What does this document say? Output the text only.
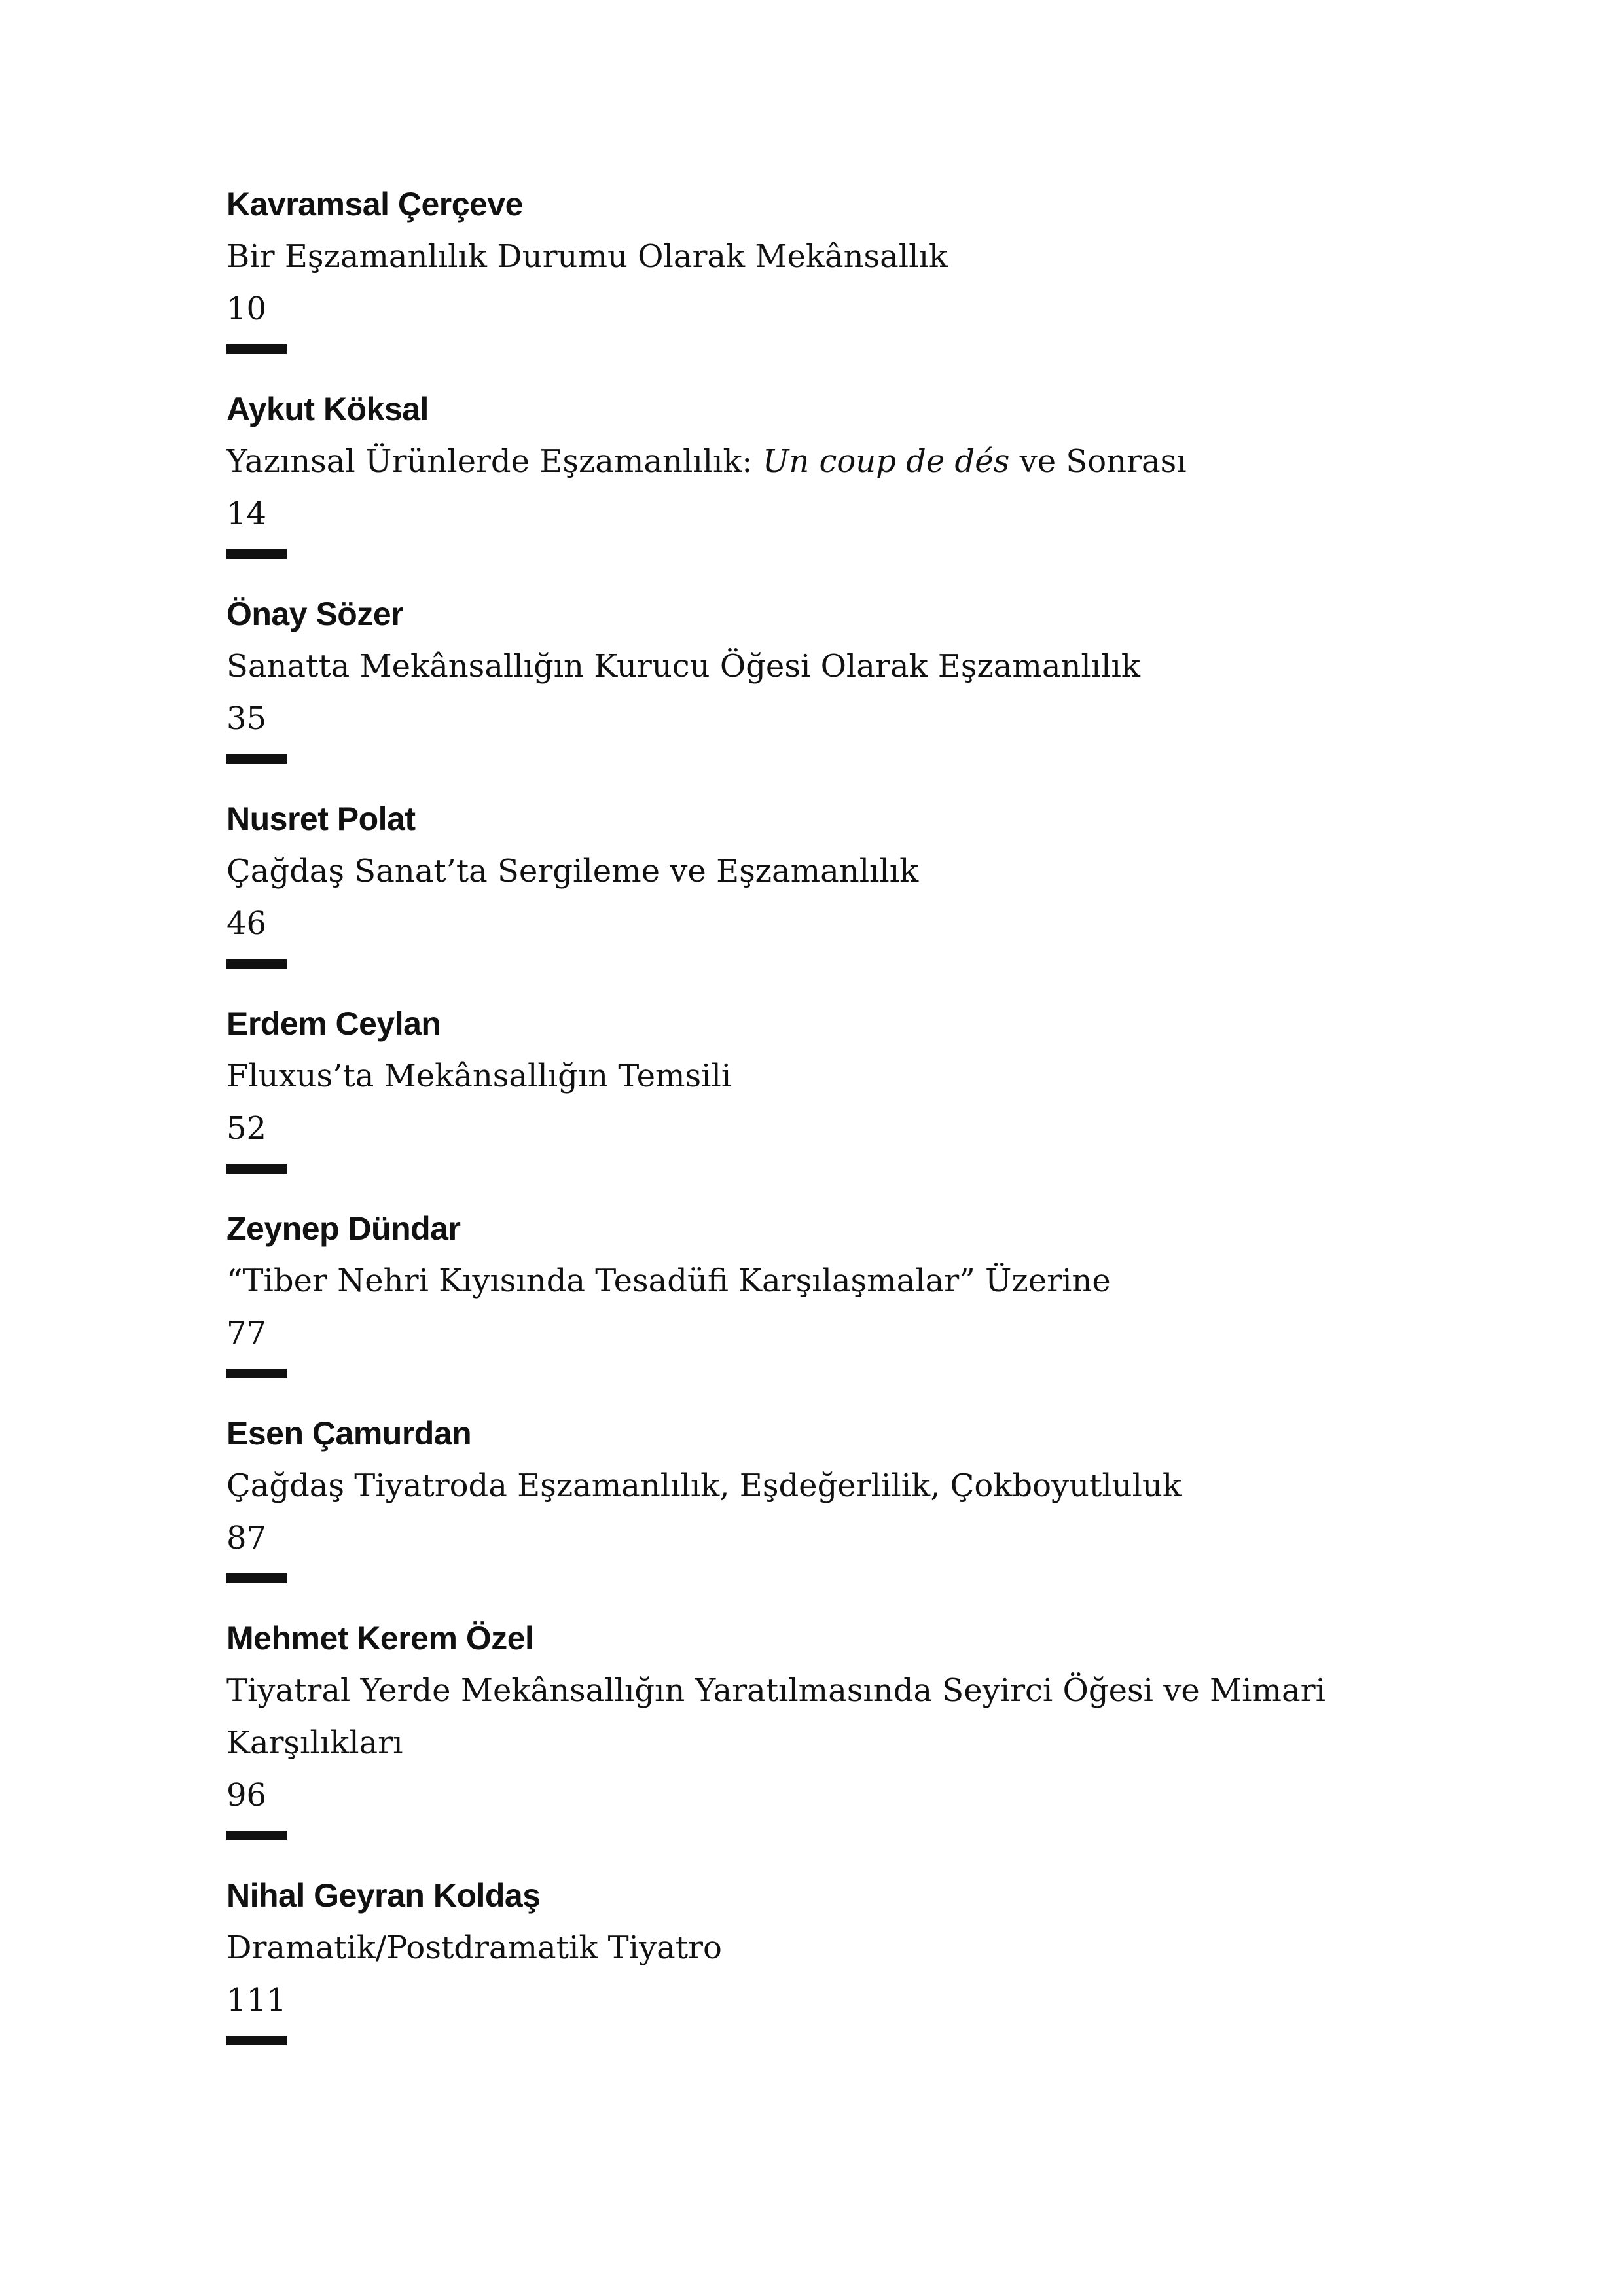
Kavramsal Çerçeve

Bir Eşzamanlılık Durumu Olarak Mekânsallık

10

Aykut Köksal

Yazınsal Ürünlerde Eşzamanlılık: Un coup de dés ve Sonrası

14

Önay Sözer

Sanatta Mekânsallığın Kurucu Öğesi Olarak Eşzamanlılık

35

Nusret Polat

Çağdaş Sanat’ta Sergileme ve Eşzamanlılık

46

Erdem Ceylan

Fluxus’ta Mekânsallığın Temsili

52

Zeynep Dündar

“Tiber Nehri Kıyısında Tesadüfi Karşılaşmalar” Üzerine

77

Esen Çamurdan

Çağdaş Tiyatroda Eşzamanlılık, Eşdeğerlilik, Çokboyutluluk

87

Mehmet Kerem Özel

Tiyatral Yerde Mekânsallığın Yaratılmasında Seyirci Öğesi ve Mimari

Karşılıkları

96

Nihal Geyran Koldaş

Dramatik/Postdramatik Tiyatro

111
